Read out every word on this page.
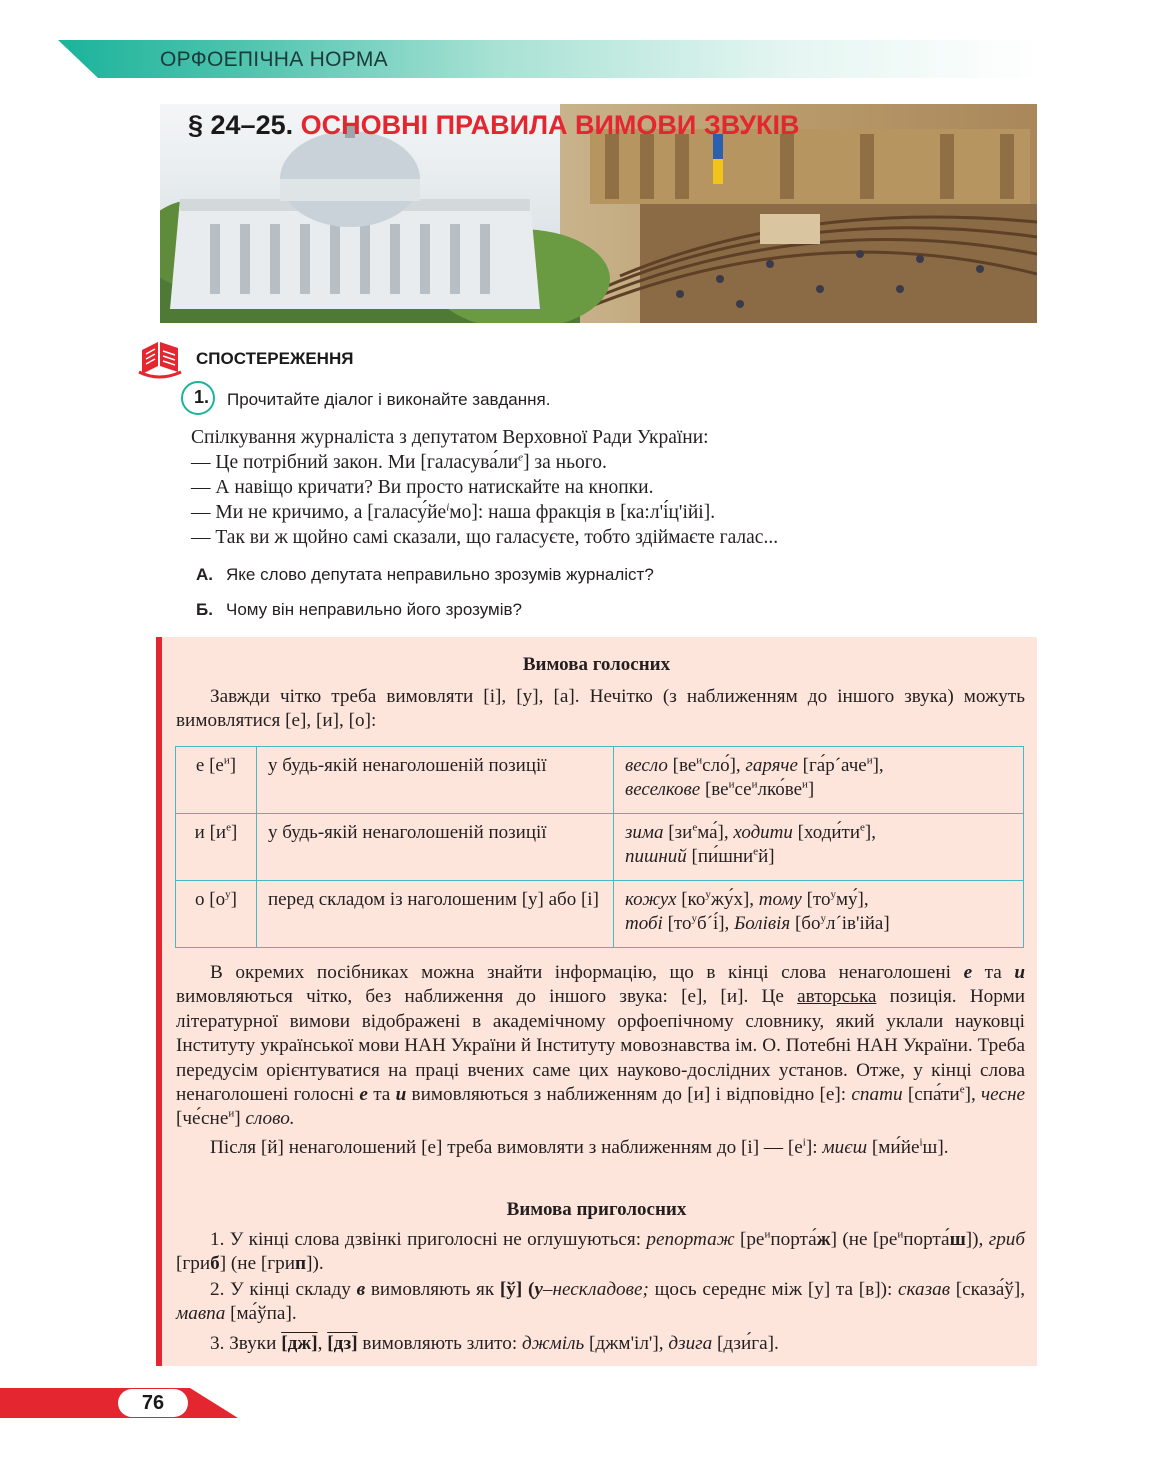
ОРФОЕПІЧНА НОРМА
§ 24–25. ОСНОВНІ ПРАВИЛА ВИМОВИ ЗВУКІВ
СПОСТЕРЕЖЕННЯ
1. Прочитайте діалог і виконайте завдання.
Спілкування журналіста з депутатом Верховної Ради України:
— Це потрібний закон. Ми $[галасува́ли^е]$ за нього.
— А навіщо кричати? Ви просто натискайте на кнопки.
— Ми не кричимо, а $[галасу́йе^імо]$: наша фракція в [ка:л'і́ц'ійі].
— Так ви ж щойно самі сказали, що галасуєте, тобто здіймаєте галас...
А. Яке слово депутата неправильно зрозумів журналіст?
Б. Чому він неправильно його зрозумів?
Вимова голосних
Завжди чітко треба вимовляти [і], [у], [а]. Нечітко (з наближенням до іншого звука) можуть вимовлятися [е], [и], [о]:
е $[е^и]$	у будь-якій ненаголошеній позиції	весло $[ве^исло́]$, гаряче [га́р´аче$^и$],
веселкове $[ве^исе^илко́ве^и]$
и $[и^е]$	у будь-якій ненаголошеній позиції	зима $[зи^ема́]$, ходити $[ходи́ти^е]$,
пишний [пи́шни$^е$й]
о $[о^у]$	перед складом із наголошеним [у] або [і]	кожух $[ко^ужу́х]$, тому $[то^уму́]$,
тобі $[то^уб´і́]$, Болівія $[бо^ул´ів'ійа]$
В окремих посібниках можна знайти інформацію, що в кінці слова ненаголошені е та и вимовляються чітко, без наближення до іншого звука: [е], [и]. Це авторська позиція. Норми літературної вимови відображені в академічному орфоепічному словнику, який уклали науковці Інституту української мови НАН України й Інституту мовознавства ім. О. Потебні НАН України. Треба передусім орієнтуватися на праці вчених саме цих науково-дослідних установ. Отже, у кінці слова ненаголошені голосні е та и вимовляються з наближенням до [и] і відповідно [е]: спати $[спа́ти^е]$, чесне [че́сне$^и$] слово.
Після [й] ненаголошений [е] треба вимовляти з наближенням до [і] — $[е^і]$: миєш $[ми́йе^іш]$.
Вимова приголосних
1. У кінці слова дзвінкі приголосні не оглушуються: репортаж $[ре^ипорта́ж]$ (не $[ре^ипорта́ш]$), гриб [гриб] (не [грип]).
2. У кінці складу в вимовляють як [ў] (у–нескладове; щось середнє між [у] та [в]): сказав [сказа́ў], мавпа [ма́ўпа].
3. Звуки [дж], [дз] вимовляють злито: джміль [джм'іл'], дзига [дзи́га].
76
